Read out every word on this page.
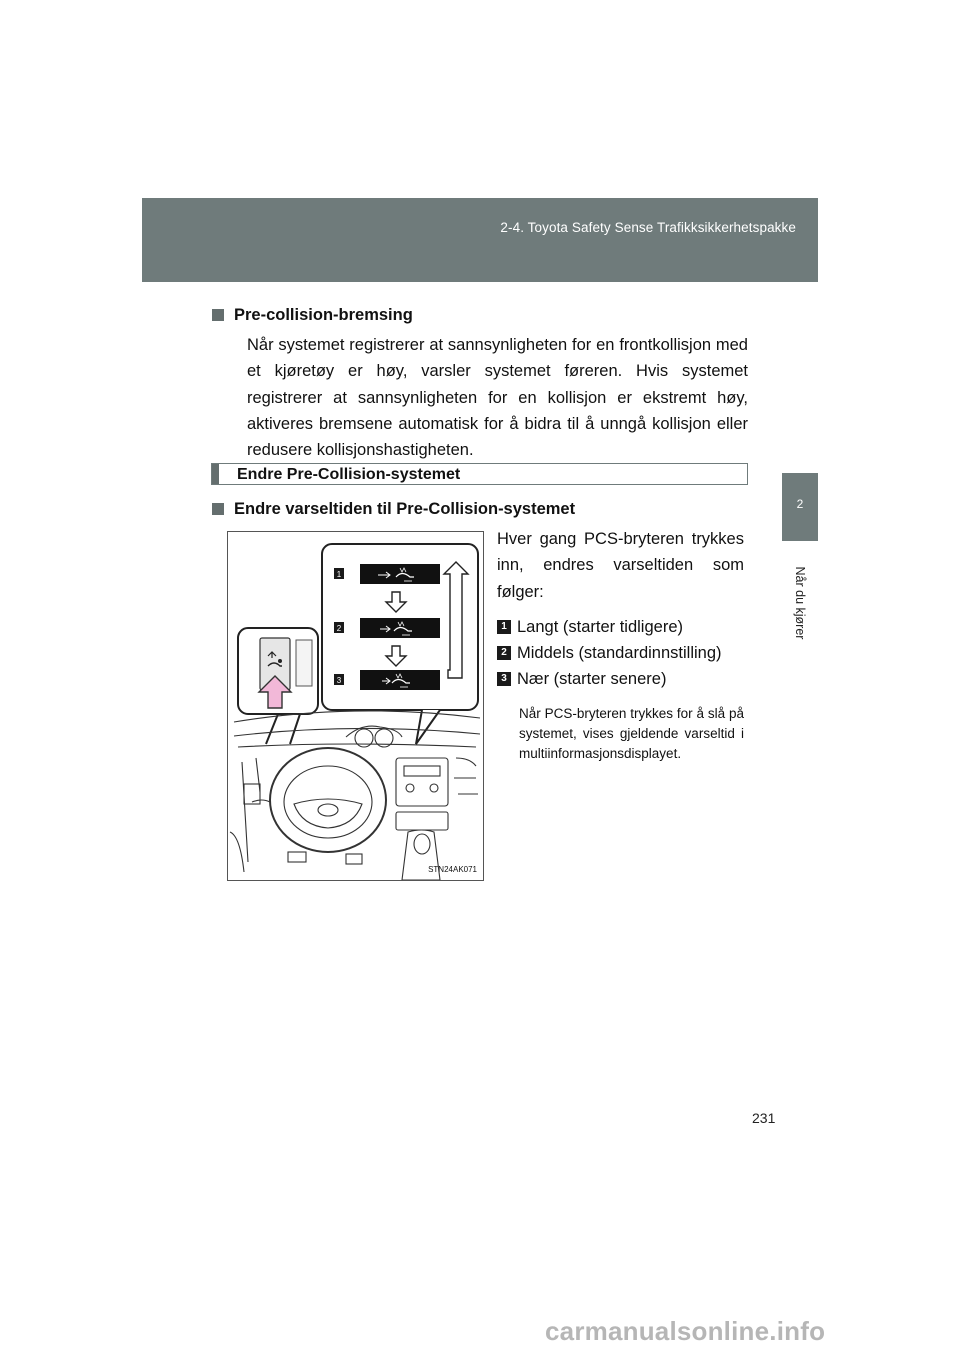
2-4. Toyota Safety Sense Trafikksikkerhetspakke
2
Når du kjører
Pre-collision-bremsing
Når systemet registrerer at sannsynligheten for en frontkollisjon med et kjøretøy er høy, varsler systemet føreren. Hvis systemet registrerer at sannsynligheten for en kollisjon er ekstremt høy, aktiveres bremsene automatisk for å bidra til å unngå kollisjon eller redusere kollisjonshastigheten.
Endre Pre-Collision-systemet
Endre varseltiden til Pre-Collision-systemet
1
2
3
STN24AK071
Hver gang PCS-bryteren trykkes inn, endres varseltiden som følger:
1 Langt (starter tidligere)
2 Middels (standardinnstilling)
3 Nær (starter senere)
Når PCS-bryteren trykkes for å slå på systemet, vises gjeldende varseltid i multiinformasjonsdisplayet.
231
carmanualsonline.info
